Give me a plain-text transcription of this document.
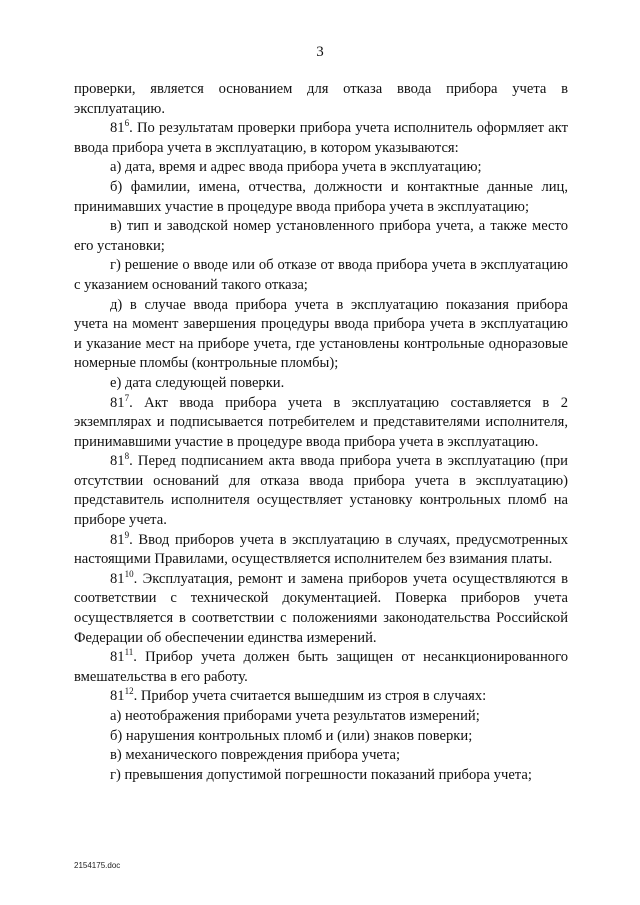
3

проверки, является основанием для отказа ввода прибора учета в эксплуатацию.

$81^6$. По результатам проверки прибора учета исполнитель оформляет акт ввода прибора учета в эксплуатацию, в котором указываются:

а) дата, время и адрес ввода прибора учета в эксплуатацию;

б) фамилии, имена, отчества, должности и контактные данные лиц, принимавших участие в процедуре ввода прибора учета в эксплуатацию;

в) тип и заводской номер установленного прибора учета, а также место его установки;

г) решение о вводе или об отказе от ввода прибора учета в эксплуатацию с указанием оснований такого отказа;

д) в случае ввода прибора учета в эксплуатацию показания прибора учета на момент завершения процедуры ввода прибора учета в эксплуатацию и указание мест на приборе учета, где установлены контрольные одноразовые номерные пломбы (контрольные пломбы);

е) дата следующей поверки.

$81^7$. Акт ввода прибора учета в эксплуатацию составляется в 2 экземплярах и подписывается потребителем и представителями исполнителя, принимавшими участие в процедуре ввода прибора учета в эксплуатацию.

$81^8$. Перед подписанием акта ввода прибора учета в эксплуатацию (при отсутствии оснований для отказа ввода прибора учета в эксплуатацию) представитель исполнителя осуществляет установку контрольных пломб на приборе учета.

$81^9$. Ввод приборов учета в эксплуатацию в случаях, предусмотренных настоящими Правилами, осуществляется исполнителем без взимания платы.

$81^{10}$. Эксплуатация, ремонт и замена приборов учета осуществляются в соответствии с технической документацией. Поверка приборов учета осуществляется в соответствии с положениями законодательства Российской Федерации об обеспечении единства измерений.

$81^{11}$. Прибор учета должен быть защищен от несанкционированного вмешательства в его работу.

$81^{12}$. Прибор учета считается вышедшим из строя в случаях:

а) неотображения приборами учета результатов измерений;

б) нарушения контрольных пломб и (или) знаков поверки;

в) механического повреждения прибора учета;

г) превышения допустимой погрешности показаний прибора учета;

2154175.doc
